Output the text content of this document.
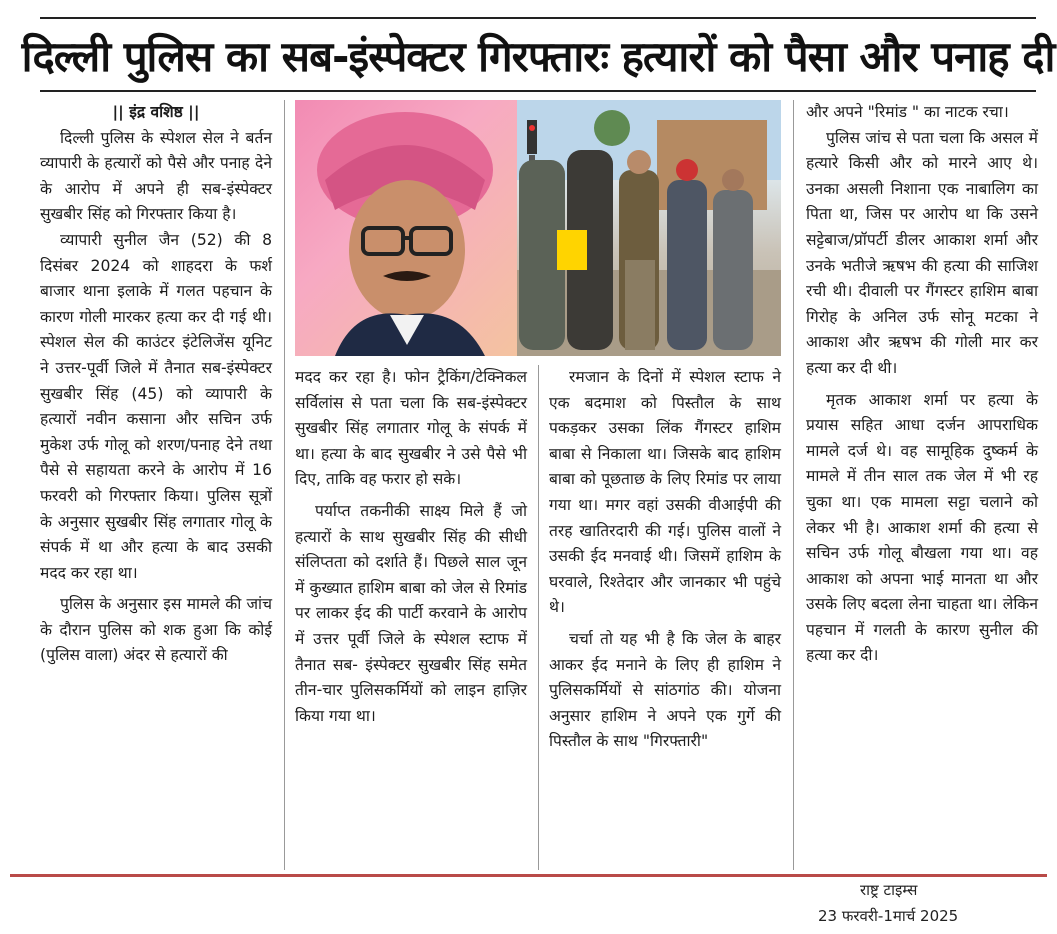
दिल्ली पुलिस का सब-इंस्पेक्टर गिरफ्तारः हत्यारों को पैसा और पनाह दी

|| इंद्र वशिष्ठ ||

दिल्ली पुलिस के स्पेशल सेल ने बर्तन व्यापारी के हत्यारों को पैसे और पनाह देने के आरोप में अपने ही सब-इंस्पेक्टर सुखबीर सिंह को गिरफ्तार किया है।

व्यापारी सुनील जैन (52) की 8 दिसंबर 2024 को शाहदरा के फर्श बाजार थाना इलाके में गलत पहचान के कारण गोली मारकर हत्या कर दी गई थी। स्पेशल सेल की काउंटर इंटेलिजेंस यूनिट ने उत्तर-पूर्वी जिले में तैनात सब-इंस्पेक्टर सुखबीर सिंह (45) को व्यापारी के हत्यारों नवीन कसाना और सचिन उर्फ मुकेश उर्फ गोलू को शरण/पनाह देने तथा पैसे से सहायता करने के आरोप में 16 फरवरी को गिरफ्तार किया। पुलिस सूत्रों के अनुसार सुखबीर सिंह लगातार गोलू के संपर्क में था और हत्या के बाद उसकी मदद कर रहा था।

पुलिस के अनुसार इस मामले की जांच के दौरान पुलिस को शक हुआ कि कोई (पुलिस वाला) अंदर से हत्यारों की

मदद कर रहा है। फोन ट्रैकिंग/टेक्निकल सर्विलांस से पता चला कि सब-इंस्पेक्टर सुखबीर सिंह लगातार गोलू के संपर्क में था। हत्या के बाद सुखबीर ने उसे पैसे भी दिए, ताकि वह फरार हो सके।

पर्याप्त तकनीकी साक्ष्य मिले हैं जो हत्यारों के साथ सुखबीर सिंह की सीधी संलिप्तता को दर्शाते हैं। पिछले साल जून में कुख्यात हाशिम बाबा को जेल से रिमांड पर लाकर ईद की पार्टी करवाने के आरोप में उत्तर पूर्वी जिले के स्पेशल स्टाफ में तैनात सब- इंस्पेक्टर सुखबीर सिंह समेत तीन-चार पुलिसकर्मियों को लाइन हाज़िर किया गया था।

रमजान के दिनों में स्पेशल स्टाफ ने एक बदमाश को पिस्तौल के साथ पकड़कर उसका लिंक गैंगस्टर हाशिम बाबा से निकाला था। जिसके बाद हाशिम बाबा को पूछताछ के लिए रिमांड पर लाया गया था। मगर वहां उसकी वीआईपी की तरह खातिरदारी की गई। पुलिस वालों ने उसकी ईद मनवाई थी। जिसमें हाशिम के घरवाले, रिश्तेदार और जानकार भी पहुंचे थे।

चर्चा तो यह भी है कि जेल के बाहर आकर ईद मनाने के लिए ही हाशिम ने पुलिसकर्मियों से सांठगांठ की। योजना अनुसार हाशिम ने अपने एक गुर्गे की पिस्तौल के साथ "गिरफ्तारी"

और अपने "रिमांड " का नाटक रचा।

पुलिस जांच से पता चला कि असल में हत्यारे किसी और को मारने आए थे। उनका असली निशाना एक नाबालिग का पिता था, जिस पर आरोप था कि उसने सट्टेबाज/प्रॉपर्टी डीलर आकाश शर्मा और उनके भतीजे ऋषभ की हत्या की साजिश रची थी। दीवाली पर गैंगस्टर हाशिम बाबा गिरोह के अनिल उर्फ सोनू मटका ने आकाश और ऋषभ की गोली मार कर हत्या कर दी थी।

मृतक आकाश शर्मा पर हत्या के प्रयास सहित आधा दर्जन आपराधिक मामले दर्ज थे। वह सामूहिक दुष्कर्म के मामले में तीन साल तक जेल में भी रह चुका था। एक मामला सट्टा चलाने को लेकर भी है। आकाश शर्मा की हत्या से सचिन उर्फ गोलू बौखला गया था। वह आकाश को अपना भाई मानता था और उसके लिए बदला लेना चाहता था। लेकिन पहचान में गलती के कारण सुनील की हत्या कर दी।

राष्ट्र टाइम्स
23 फरवरी-1मार्च 2025
